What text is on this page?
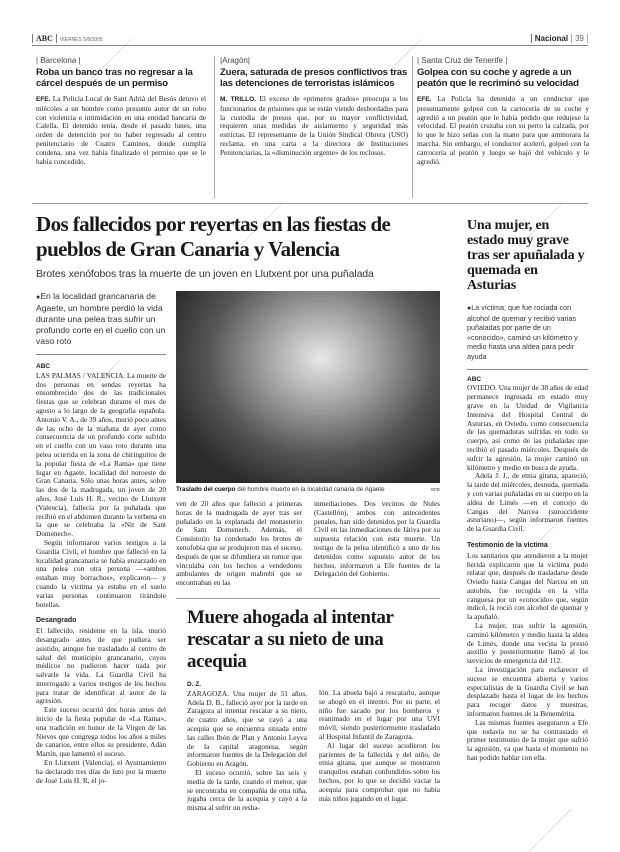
ABC VIERNES 5/8/2005	Nacional 39
| Barcelona |
Roba un banco tras no regresar a la cárcel después de un permiso
EFE. La Policía Local de Sant Adrià del Besós detuvo el miécoles a un hombre como presunto autor de un robo con violencia e intimidación en una entidad bancaria de Calella. El detenido tenía, desde el pasado lunes, una orden de detención por no haber regresado al centro penitenciario de Cuatro Caminos, donde cumplía condena, una vez había finalizado el permiso que se le había concedido.
|Aragón|
Zuera, saturada de presos conflictivos tras las detenciones de terroristas islámicos
M. TRILLO. El exceso de «primeros grados» preocupa a los funcionarios de prisiones que se están viendo desbordados para la custodia de presos que, por su mayor conflictividad, requieren unas medidas de aislamiento y seguridad más estrictas. El representante de la Unión Sindical Obrera (USO) reclama, en una carta a la directora de Instituciones Penitenciarias, la «disminución urgente» de los reclusos.
| Santa Cruz de Tenerife |
Golpea con su coche y agrede a un peatón que le recriminó su velocidad
EFE. La Policía ha detenido a un conductor que presuntamente golpeó con la carrocería de su coche y agredió a un peatón que le había pedido que redujese la velocidad. El peatón cruzaba con su perro la calzada, por lo que le hizo señas con la mano para que aminorara la marcha. Sin embargo, el conductor aceleró, golpeó con la carrocería al peatón y luego se bajó del vehículo y le agredió.
Dos fallecidos por reyertas en las fiestas de pueblos de Gran Canaria y Valencia
Brotes xenófobos tras la muerte de un joven en Llutxent por una puñalada
● En la localidad grancanaria de Agaete, un hombre perdió la vida durante una pelea tras sufrir un profundo corte en el cuello con un vaso roto
ABC

LAS PALMAS / VALENCIA. La muerte de dos personas en sendas reyertas ha ensombrecido dos de las tradicionales fiestas que se celebran durante el mes de agosto a lo largo de la geografía española. Antonio V. A., de 39 años, murió poco antes de las ocho de la mañana de ayer como consecuencia de un profundo corte sufrido en el cuello con un vaso roto durante una pelea ocurrida en la zona de chiringuitos de la popular fiesta de «La Rama» que tiene lugar en Agaete, localidad del noroeste de Gran Canaria. Sólo unas horas antes, sobre las dos de la madrugada, un joven de 20 años, José Luis H. R., vecino de Llutxent (Valencia), fallecía por la puñalada que recibió en el abdomen durante la verbena en la que se celebraba la «Nit de Sant Domenech».

Según informaron varios testigos a la Guardia Civil, el hombre que falleció en la localidad grancanaria se había enzarzado en una pelea con otra persona —«ambos estaban muy borrachos», explicaron— y cuando la víctima ya estaba en el suelo varias personas continuaron tirándole botellas.

Desangrado

El fallecido, residente en la isla, murió desangrado antes de que pudiera ser asistido, aunque fue trasladado al centro de salud del municipio grancanario, cuyos médicos no pudieron hacer nada por salvarle la vida. La Guardia Civil ha interrogado a varios testigos de los hechos para tratar de identificar al autor de la agresión.

Este suceso ocurrió dos horas antes del inicio de la fiesta popular de «La Rama», una tradición en honor de la Virgen de las Nieves que congrega todos los años a miles de canarios, entre ellos su presidente, Adán Martín, que lamentó el suceso.

En Llutxent (Valencia), el Ayuntamiento ha declarado tres días de luto por la muerte de José Luis H. R, el jo-

Traslado del cuerpo del hombre muerto en la localidad canaria de Agaete	EFE
ven de 20 años que falleció a primeras horas de la madrugada de ayer tras ser puñalado en la explanada del monasterio de Sant Domenech. Además, el Consistorio ha condenado los brotes de xenofobia que se produjeron tras el suceso, después de que se difundiera un rumor que vinculaba con los hechos a vendedores ambulantes de origen mabrebí que se encontraban en las
inmediaciones. Dos vecinos de Nules (Castellón), ambos con antecedentes penales, han sido detenidos por la Guardia Civil en las inmediaciones de Játiva por su supuesta relación con esta muerte. Un testigo de la pelea identificó a uno de los detenidos como supuesto autor de los hechos, informaron a Efe fuentes de la Delegación del Gobierno.
Muere ahogada al intentar rescatar a su nieto de una acequia
D. Z.

ZARAGOZA. Una mujer de 51 años, Adela D. B., falleció ayer por la tarde en Zaragoza al intentar rescatar a su nieto, de cuatro años, que se cayó a una acequia que se encuentra situada entre las calles Ibón de Plan y Antonio Leyva de la capital aragonesa, según informaron fuentes de la Delegación del Gobierno en Aragón.

El suceso ocurrió, sobre las seis y media de la tarde, cuando el menor, que se encontraba en compañía de otra niña, jugaba cerca de la acequia y cayó a la misma al sufrir un resba-

lón. La abuela bajó a rescatarlo, aunque se ahogó en el intento. Por su parte, el niño fue sacado por los bomberos y reanimado en el lugar por una UVI móvil, siendo posteriormente trasladado al Hospital Infantil de Zaragoza.

Al lugar del suceso acudieron los parientes de la fallecida y del niño, de etnia gitana, que aunque se mostraron tranquilos estaban confundidos sobre los hechos, por lo que se decidió vaciar la acequia para comprobar que no había más niños jugando en el lugar.

Una mujer, en estado muy grave tras ser apuñalada y quemada en Asturias
● La víctima, que fue rociada con alcohol de quemar y recibió varias puñaladas por parte de un «conocido», caminó un kilómetro y medio hasta una aldea para pedir ayuda
ABC

OVIEDO. Una mujer de 38 años de edad permanece ingresada en estado muy grave en la Unidad de Vigilancia Intensiva del Hospital Central de Asturias, en Oviedo, como consecuencia de las quemaduras sufridas en todo su cuerpo, así como de las puñaladas que recibió el pasado miércoles. Después de sufrir la agresión, la mujer caminó un kilómetro y medio en busca de ayuda.

Adela J. J., de etnia gitana, apareció, la tarde del miércoles, desnuda, quemada y con varias puñaladas en su cuerpo en la aldea de Limés —en el concejo de Cangas del Narcea (suroccidente asturiano)—, según informaron fuentes de la Guardia Civil.

Testimonio de la víctima

Los sanitarios que atendieron a la mujer herida explicaron que la víctima pudo relatar que, después de trasladarse desde Oviedo hasta Cangas del Narcea en un autobús, fue recogida en la villa canguesa por un «conocido» que, según indicó, la roció con alcohol de quemar y la apuñaló.

La mujer, tras sufrir la agresión, caminó kilómetro y medio hasta la aldea de Limés, donde una vecina la prestó auxilio y posteriormente llamó al los servicios de emergencia del 112.

La investigación para esclarecer el suceso se encuentra abierta y varios especialistas de la Guardia Civil se han desplazado hasta el lugar de los hechos para recoger datos y muestras, informaron fuentes de la Benemérita.

Las mismas fuentes aseguraron a Efe que todavía no se ha contrastado el primer testimonio de la mujer que sufrió la agresión, ya que hasta el momento no han podido hablar con ella.
